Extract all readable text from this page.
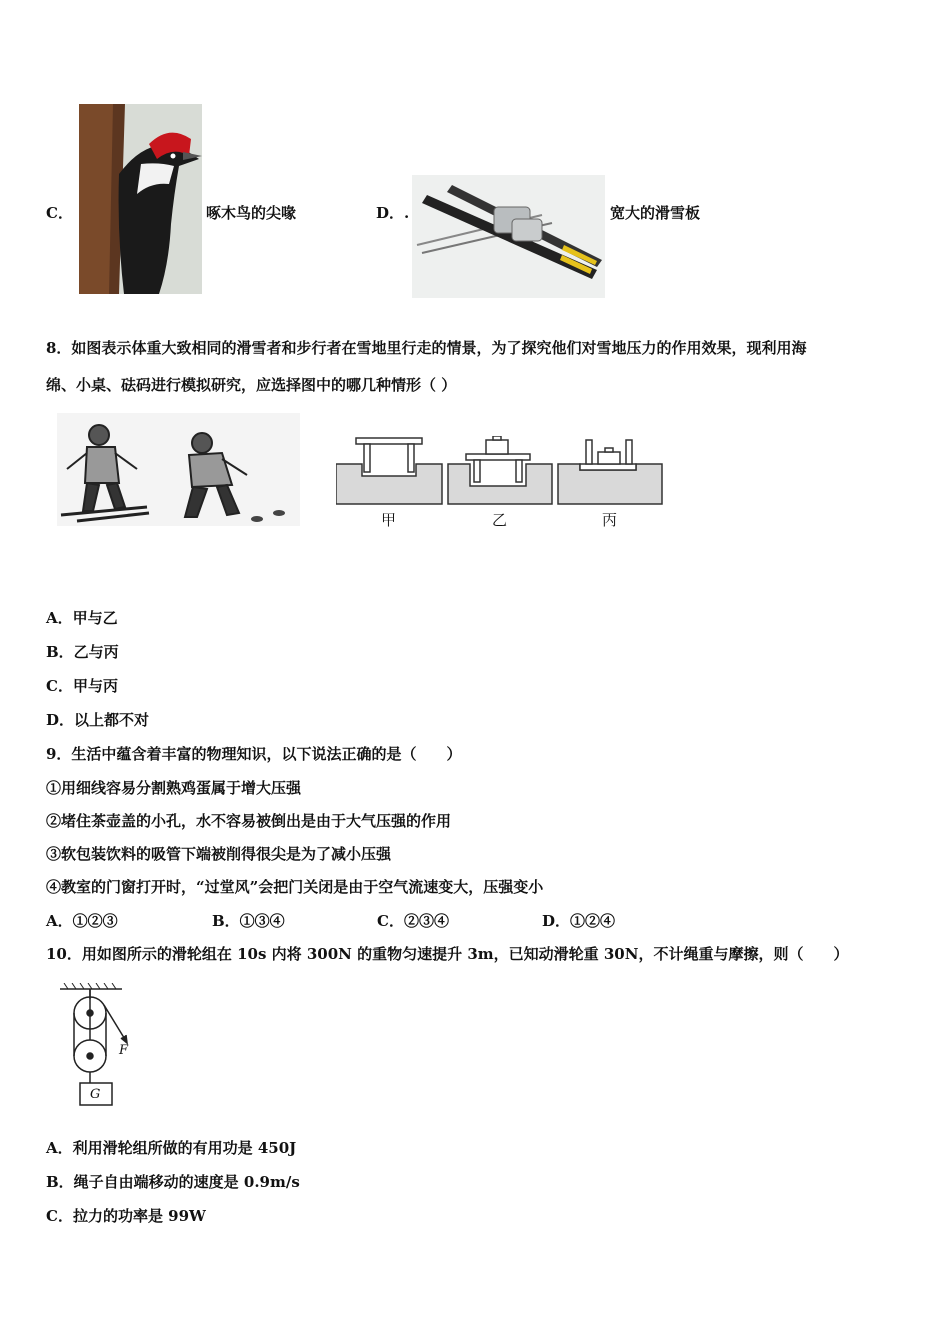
C．	啄木鸟的尖喙	D．.	宽大的滑雪板
8．如图表示体重大致相同的滑雪者和步行者在雪地里行走的情景，为了探究他们对雪地压力的作用效果，现利用海
绵、小桌、砝码进行模拟研究，应选择图中的哪几种情形（ ）
甲	乙	丙
A．甲与乙
B．乙与丙
C．甲与丙
D．以上都不对
9．生活中蕴含着丰富的物理知识，以下说法正确的是（　　）
①用细线容易分割熟鸡蛋属于增大压强
②堵住茶壶盖的小孔，水不容易被倒出是由于大气压强的作用
③软包装饮料的吸管下端被削得很尖是为了减小压强
④教室的门窗打开时，“过堂风”会把门关闭是由于空气流速变大，压强变小
A．①②③	B．①③④	C．②③④	D．①②④
10．用如图所示的滑轮组在 10s 内将 300N 的重物匀速提升 3m，已知动滑轮重 30N，不计绳重与摩擦，则（　　）
F
G
A．利用滑轮组所做的有用功是 450J
B．绳子自由端移动的速度是 0.9m/s
C．拉力的功率是 99W
